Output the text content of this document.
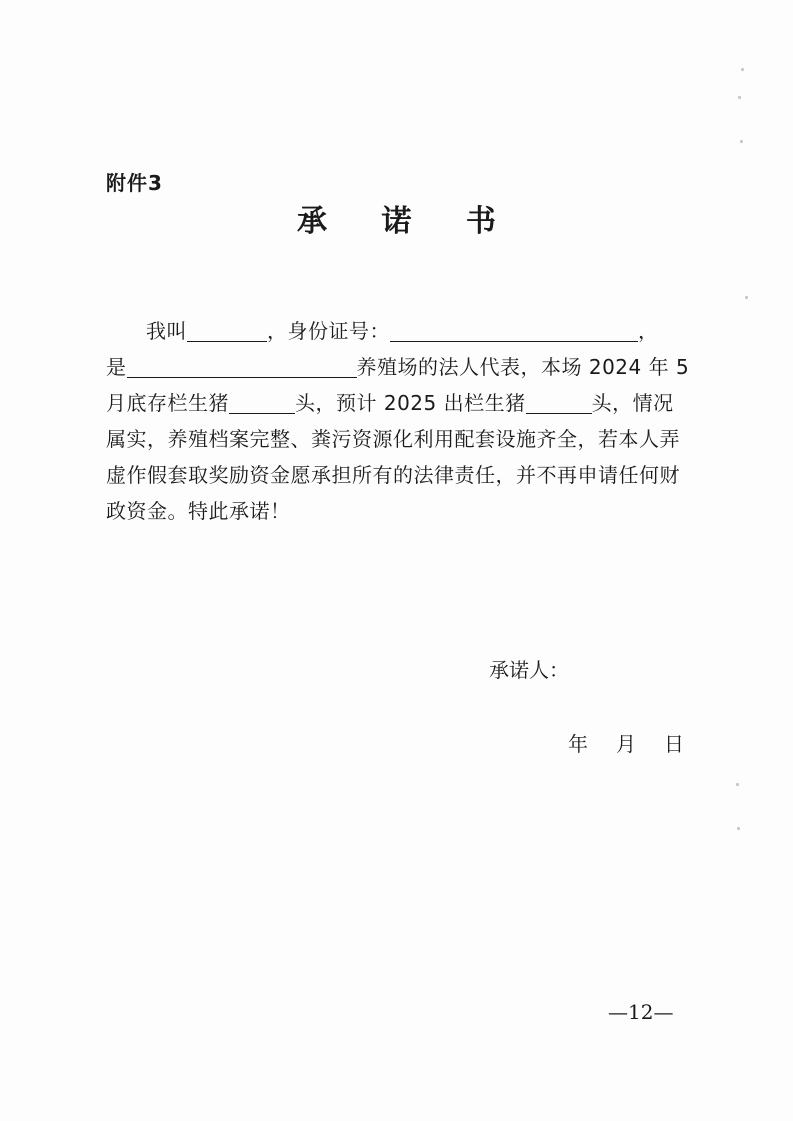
附件3
承 诺 书
我叫	，身份证号：	，
是	养殖场的法人代表，本场 2024 年 5
月底存栏生猪	头，预计 2025 出栏生猪	头，情况
属实，养殖档案完整、粪污资源化利用配套设施齐全，若本人弄
虚作假套取奖励资金愿承担所有的法律责任，并不再申请任何财
政资金。特此承诺！
承诺人：
年 月 日
—12—
